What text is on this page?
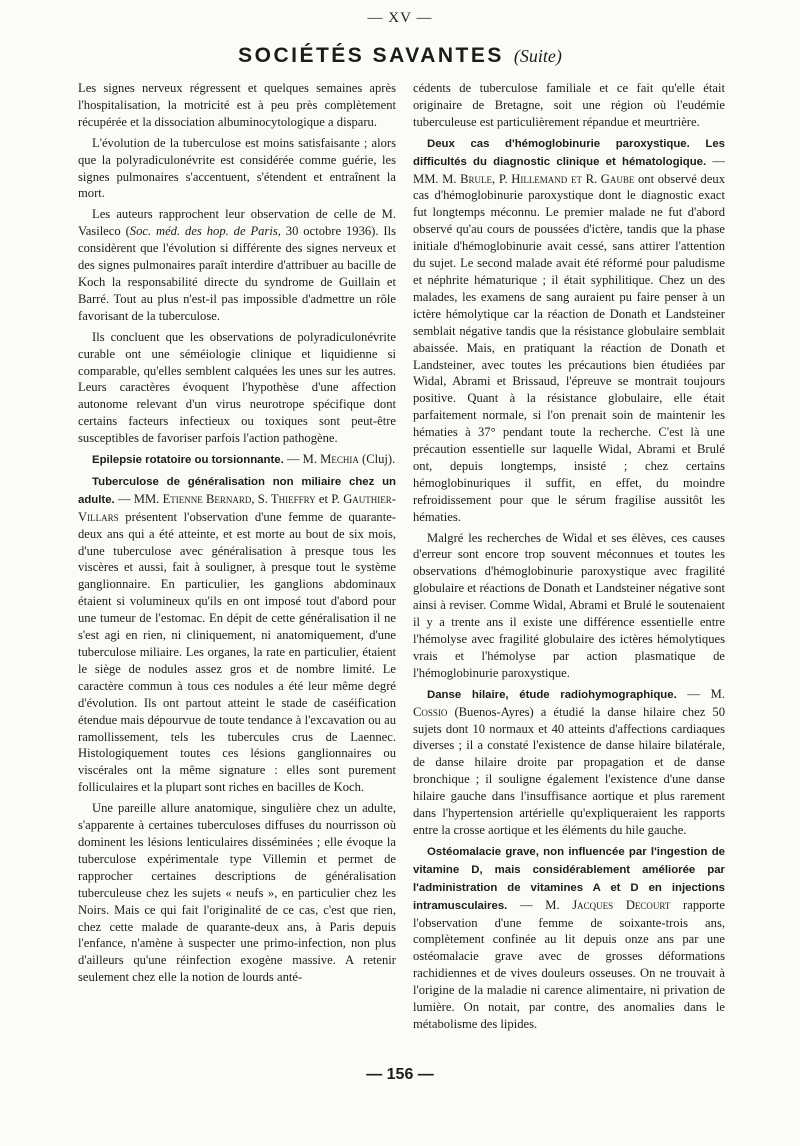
— XV —
SOCIÉTÉS SAVANTES (Suite)

Les signes nerveux régressent et quelques semaines après l'hospitalisation, la motricité est à peu près complètement récupérée et la dissociation albuminocytologique a disparu.

L'évolution de la tuberculose est moins satisfaisante ; alors que la polyradiculonévrite est considérée comme guérie, les signes pulmonaires s'accentuent, s'étendent et entraînent la mort.

Les auteurs rapprochent leur observation de celle de M. Vasileco (Soc. méd. des hop. de Paris, 30 octobre 1936). Ils considèrent que l'évolution si différente des signes nerveux et des signes pulmonaires paraît interdire d'attribuer au bacille de Koch la responsabilité directe du syndrome de Guillain et Barré. Tout au plus n'est-il pas impossible d'admettre un rôle favorisant de la tuberculose.

Ils concluent que les observations de polyradiculonévrite curable ont une séméiologie clinique et liquidienne si comparable, qu'elles semblent calquées les unes sur les autres. Leurs caractères évoquent l'hypothèse d'une affection autonome relevant d'un virus neurotrope spécifique dont certains facteurs infectieux ou toxiques sont peut-être susceptibles de favoriser parfois l'action pathogène.

Epilepsie rotatoire ou torsionnante. — M. Mechia (Cluj).

Tuberculose de généralisation non miliaire chez un adulte. — MM. Etienne Bernard, S. Thieffry et P. Gauthier-Villars présentent l'observation d'une femme de quarante-deux ans qui a été atteinte, et est morte au bout de six mois, d'une tuberculose avec généralisation à presque tous les viscères et aussi, fait à souligner, à presque tout le système ganglionnaire. En particulier, les ganglions abdominaux étaient si volumineux qu'ils en ont imposé tout d'abord pour une tumeur de l'estomac. En dépit de cette généralisation il ne s'est agi en rien, ni cliniquement, ni anatomiquement, d'une tuberculose miliaire. Les organes, la rate en particulier, étaient le siège de nodules assez gros et de nombre limité. Le caractère commun à tous ces nodules a été leur même degré d'évolution. Ils ont partout atteint le stade de caséification étendue mais dépourvue de toute tendance à l'excavation ou au ramollissement, tels les tubercules crus de Laennec. Histologiquement toutes ces lésions ganglionnaires ou viscérales ont la même signature : elles sont purement folliculaires et la plupart sont riches en bacilles de Koch.

Une pareille allure anatomique, singulière chez un adulte, s'apparente à certaines tuberculoses diffuses du nourrisson où dominent les lésions lenticulaires disséminées ; elle évoque la tuberculose expérimentale type Villemin et permet de rapprocher certaines descriptions de généralisation tuberculeuse chez les sujets « neufs », en particulier chez les Noirs. Mais ce qui fait l'originalité de ce cas, c'est que rien, chez cette malade de quarante-deux ans, à Paris depuis l'enfance, n'amène à suspecter une primo-infection, non plus d'ailleurs qu'une réinfection exogène massive. A retenir seulement chez elle la notion de lourds anté-

cédents de tuberculose familiale et ce fait qu'elle était originaire de Bretagne, soit une région où l'eudémie tuberculeuse est particulièrement répandue et meurtrière.

Deux cas d'hémoglobinurie paroxystique. Les difficultés du diagnostic clinique et hématologique. — MM. M. Brule, P. Hillemand et R. Gaube ont observé deux cas d'hémoglobinurie paroxystique dont le diagnostic exact fut longtemps méconnu. Le premier malade ne fut d'abord observé qu'au cours de poussées d'ictère, tandis que la phase initiale d'hémoglobinurie avait cessé, sans attirer l'attention du sujet. Le second malade avait été réformé pour paludisme et néphrite hématurique ; il était syphilitique. Chez un des malades, les examens de sang auraient pu faire penser à un ictère hémolytique car la réaction de Donath et Landsteiner semblait négative tandis que la résistance globulaire semblait abaissée. Mais, en pratiquant la réaction de Donath et Landsteiner, avec toutes les précautions bien étudiées par Widal, Abrami et Brissaud, l'épreuve se montrait toujours positive. Quant à la résistance globulaire, elle était parfaitement normale, si l'on prenait soin de maintenir les hématies à 37° pendant toute la recherche. C'est là une précaution essentielle sur laquelle Widal, Abrami et Brulé ont, depuis longtemps, insisté ; chez certains hémoglobinuriques il suffit, en effet, du moindre refroidissement pour que le sérum fragilise aussitôt les hématies.

Malgré les recherches de Widal et ses élèves, ces causes d'erreur sont encore trop souvent méconnues et toutes les observations d'hémoglobinurie paroxystique avec fragilité globulaire et réactions de Donath et Landsteiner négative sont ainsi à reviser. Comme Widal, Abrami et Brulé le soutenaient il y a trente ans il existe une différence essentielle entre l'hémolyse avec fragilité globulaire des ictères hémolytiques vrais et l'hémolyse par action plasmatique de l'hémoglobinurie paroxystique.

Danse hilaire, étude radiohymographique. — M. Cossio (Buenos-Ayres) a étudié la danse hilaire chez 50 sujets dont 10 normaux et 40 atteints d'affections cardiaques diverses ; il a constaté l'existence de danse hilaire bilatérale, de danse hilaire droite par propagation et de danse bronchique ; il souligne également l'existence d'une danse hilaire gauche dans l'insuffisance aortique et plus rarement dans l'hypertension artérielle qu'expliqueraient les rapports entre la crosse aortique et les éléments du hile gauche.

Ostéomalacie grave, non influencée par l'ingestion de vitamine D, mais considérablement améliorée par l'administration de vitamines A et D en injections intramusculaires. — M. Jacques Decourt rapporte l'observation d'une femme de soixante-trois ans, complètement confinée au lit depuis onze ans par une ostéomalacie grave avec de grosses déformations rachidiennes et de vives douleurs osseuses. On ne trouvait à l'origine de la maladie ni carence alimentaire, ni privation de lumière. On notait, par contre, des anomalies dans le métabolisme des lipides.

— 156 —
